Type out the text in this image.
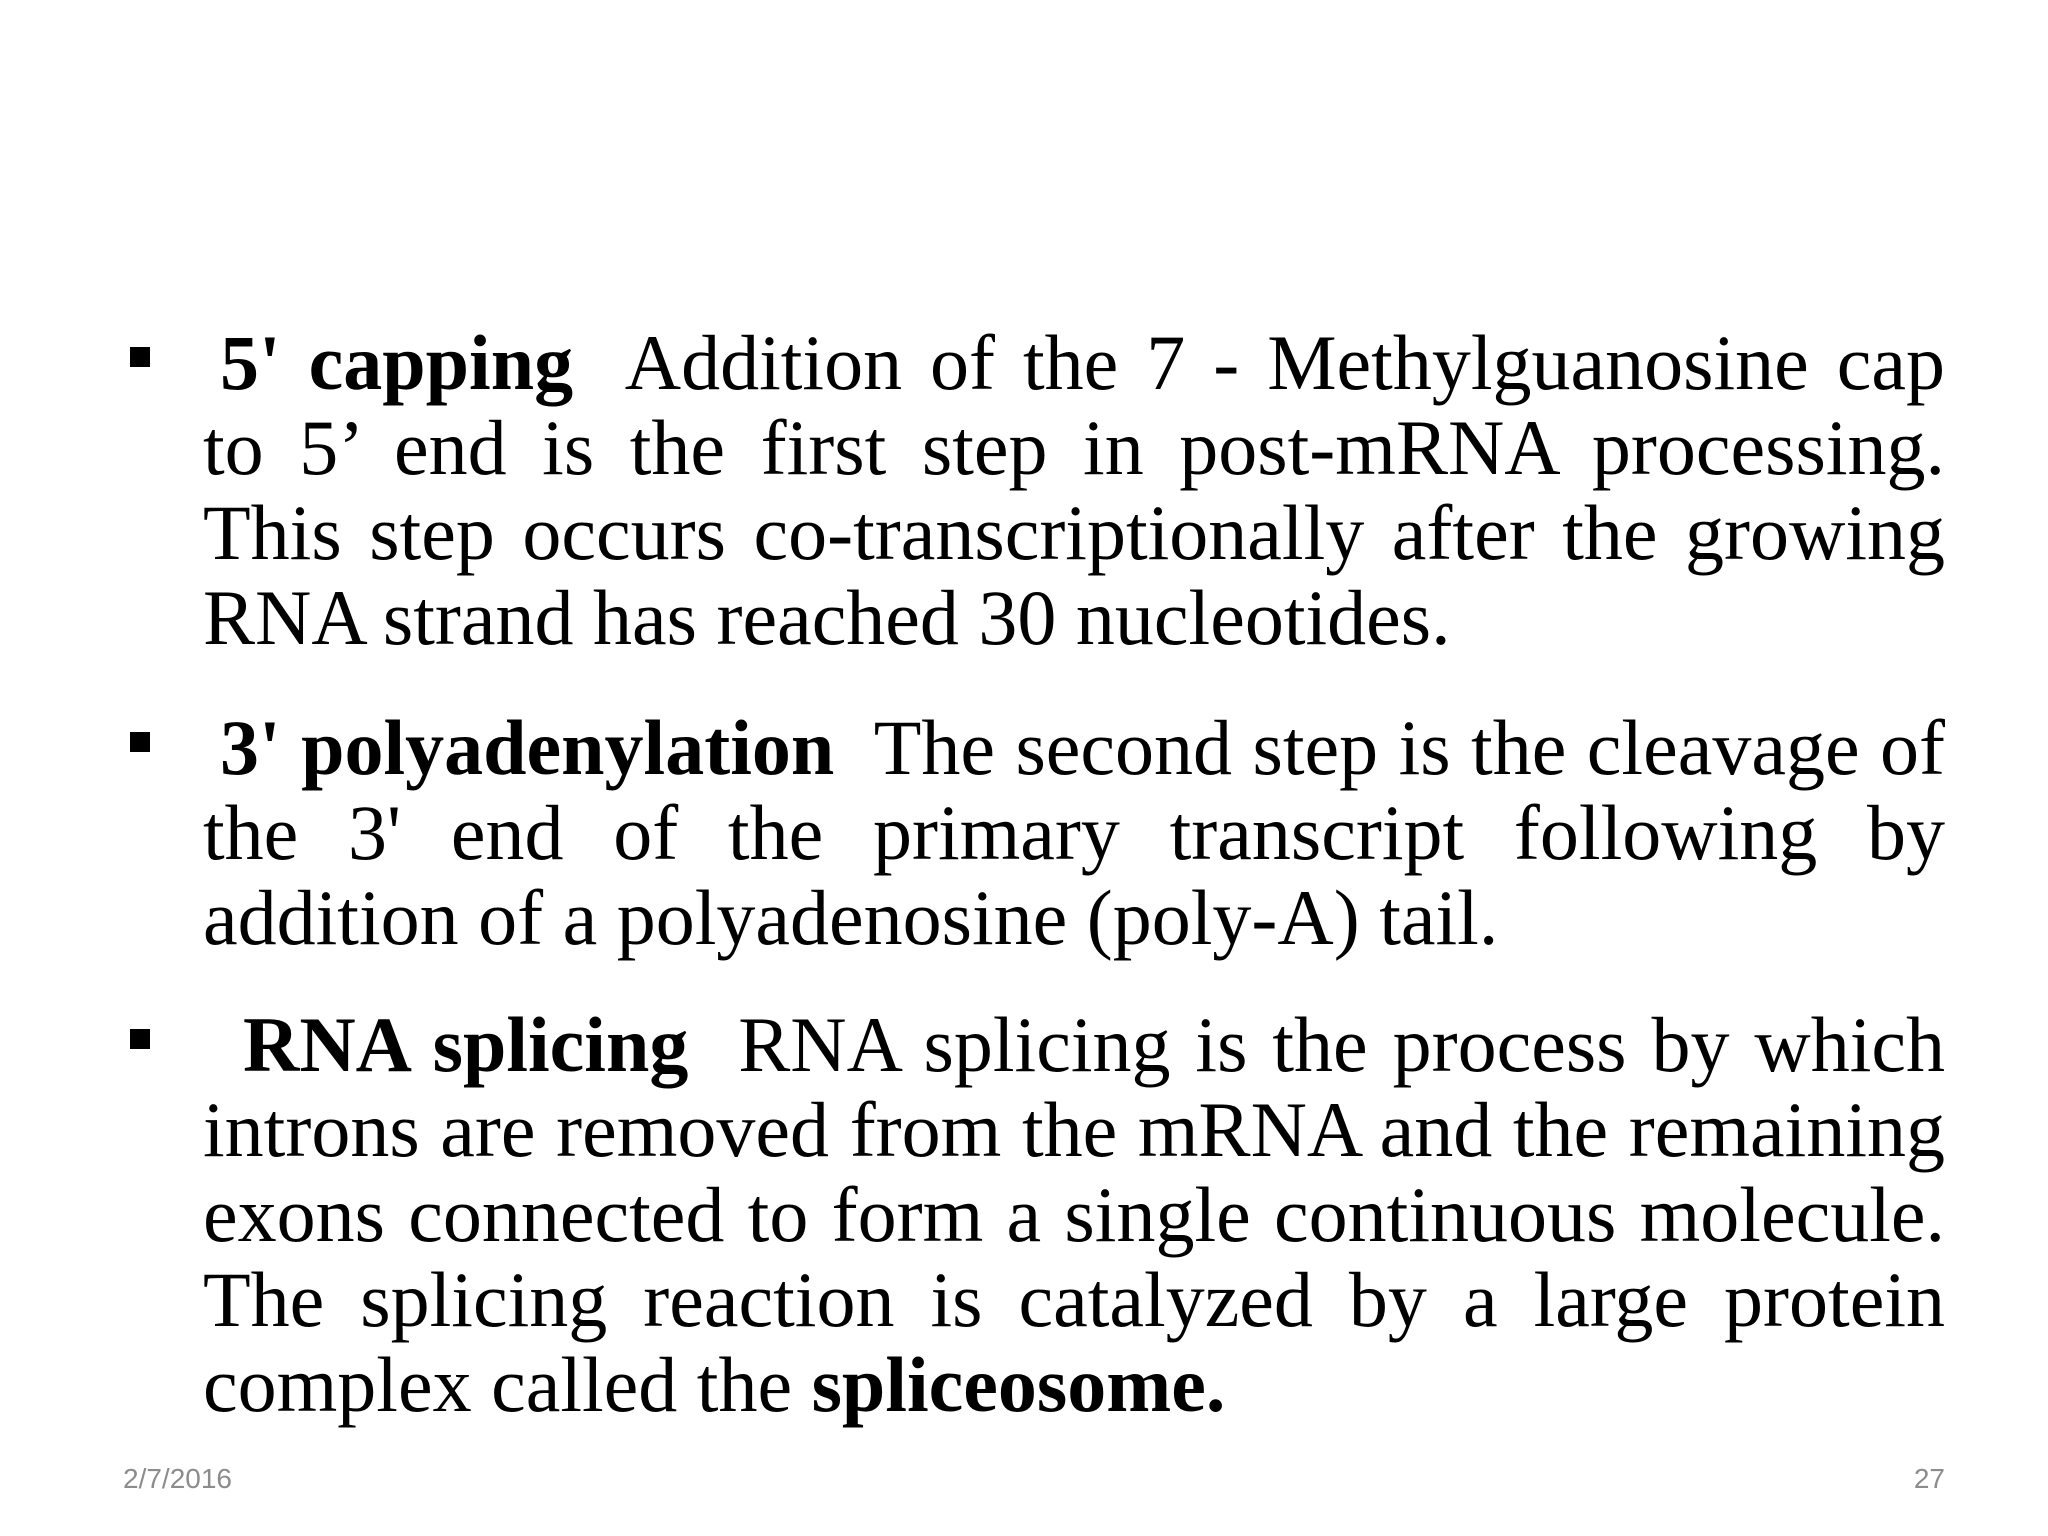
5' capping Addition of the 7 - Methylguanosine cap to 5’ end is the first step in post-mRNA processing. This step occurs co-transcriptionally after the growing RNA strand has reached 30 nucleotides.

3' polyadenylation The second step is the cleavage of the 3' end of the primary transcript following by addition of a polyadenosine (poly-A) tail.

RNA splicing RNA splicing is the process by which introns are removed from the mRNA and the remaining exons connected to form a single continuous molecule. The splicing reaction is catalyzed by a large protein complex called the spliceosome.

2/7/2016	27
